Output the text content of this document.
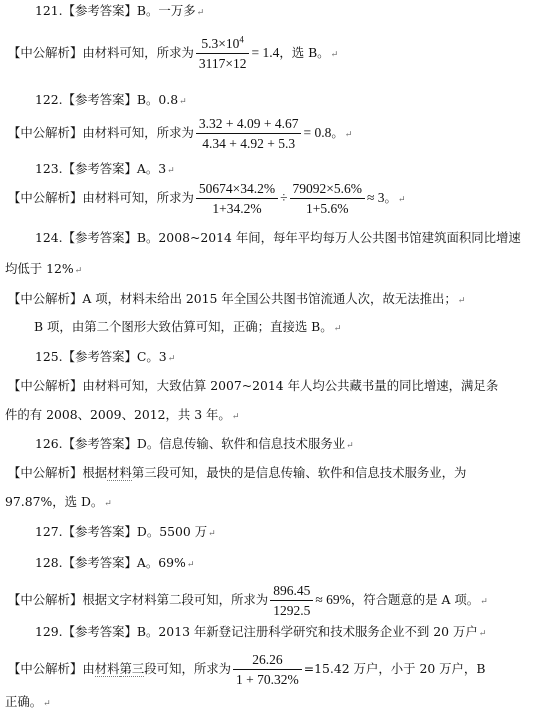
121.【参考答案】B。一万多↵
【中公解析】由材料可知，所求为 $\frac{5.3\times 10^4}{3117\times 12} = 1.4$，选 B。↵
122.【参考答案】B。0.8↵
【中公解析】由材料可知，所求为 $\frac{3.32 + 4.09 + 4.67}{4.34 + 4.92 + 5.3} = 0.8$。↵
123.【参考答案】A。3↵
【中公解析】由材料可知，所求为 $\frac{50674\times 34.2\%}{1+34.2\%} \div \frac{79092\times 5.6\%}{1+5.6\%} \approx 3$。↵
124.【参考答案】B。2008~2014 年间，每年平均每万人公共图书馆建筑面积同比增速
均低于 12%↵
【中公解析】A 项，材料未给出 2015 年全国公共图书馆流通人次，故无法推出；↵
B 项，由第二个图形大致估算可知，正确；直接选 B。↵
125.【参考答案】C。3↵
【中公解析】由材料可知，大致估算 2007~2014 年人均公共藏书量的同比增速，满足条
件的有 2008、2009、2012，共 3 年。↵
126.【参考答案】D。信息传输、软件和信息技术服务业↵
【中公解析】根据材料第三段可知，最快的是信息传输、软件和信息技术服务业，为
97.87%，选 D。↵
127.【参考答案】D。5500 万↵
128.【参考答案】A。69%↵
【中公解析】根据文字材料第二段可知，所求为 $\frac{896.45}{1292.5} \approx 69\%$，符合题意的是 A 项。↵
129.【参考答案】B。2013 年新登记注册科学研究和技术服务企业不到 20 万户↵
【中公解析】由材料第三段可知，所求为 $\frac{26.26}{1 + 70.32\%} =15.42$ 万户，小于 20 万户，B
正确。↵
